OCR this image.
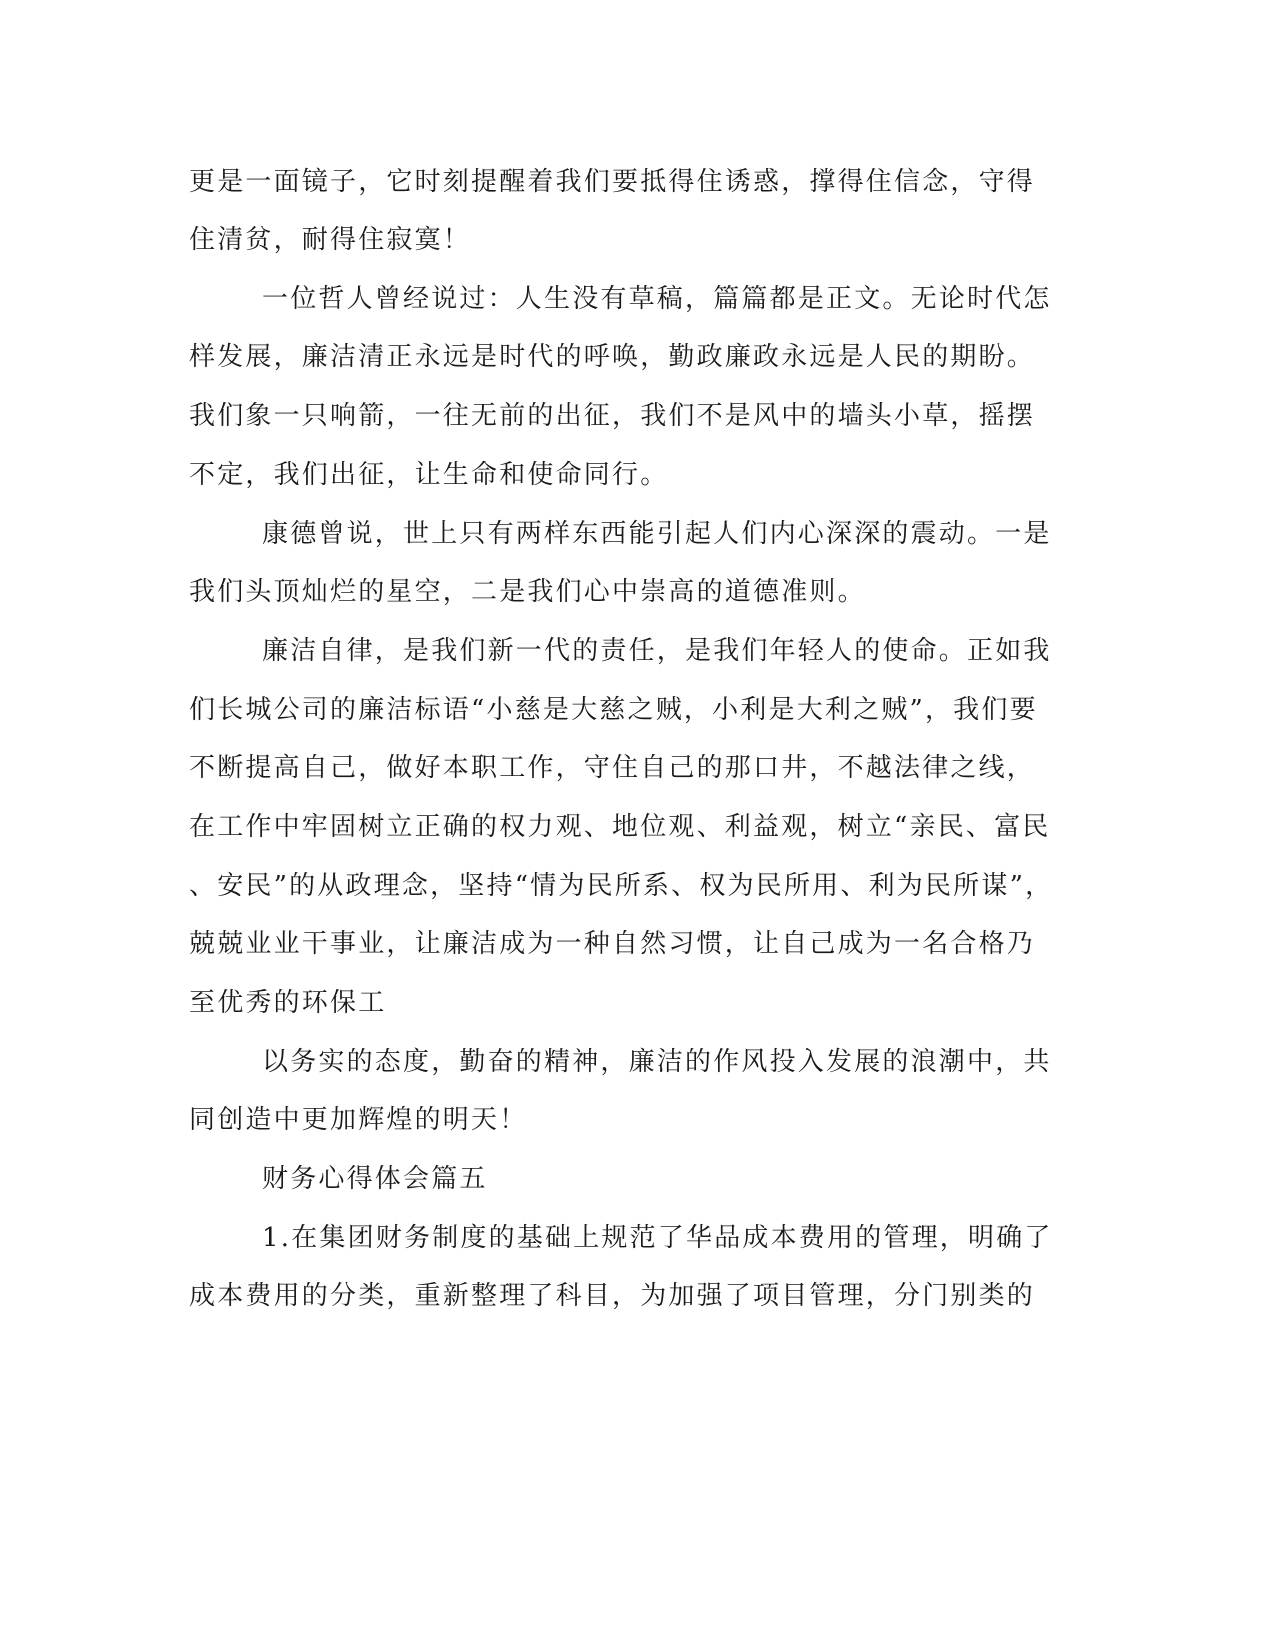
更是一面镜子，它时刻提醒着我们要抵得住诱惑，撑得住信念，守得
住清贫，耐得住寂寞！
一位哲人曾经说过：人生没有草稿，篇篇都是正文。无论时代怎
样发展，廉洁清正永远是时代的呼唤，勤政廉政永远是人民的期盼。
我们象一只响箭，一往无前的出征，我们不是风中的墙头小草，摇摆
不定，我们出征，让生命和使命同行。
康德曾说，世上只有两样东西能引起人们内心深深的震动。一是
我们头顶灿烂的星空，二是我们心中崇高的道德准则。
廉洁自律，是我们新一代的责任，是我们年轻人的使命。正如我
们长城公司的廉洁标语“小慈是大慈之贼，小利是大利之贼”，我们要
不断提高自己，做好本职工作，守住自己的那口井，不越法律之线，
在工作中牢固树立正确的权力观、地位观、利益观，树立“亲民、富民
、安民”的从政理念，坚持“情为民所系、权为民所用、利为民所谋”，
兢兢业业干事业，让廉洁成为一种自然习惯，让自己成为一名合格乃
至优秀的环保工
以务实的态度，勤奋的精神，廉洁的作风投入发展的浪潮中，共
同创造中更加辉煌的明天！
财务心得体会篇五
1.在集团财务制度的基础上规范了华品成本费用的管理，明确了
成本费用的分类，重新整理了科目，为加强了项目管理，分门别类的
